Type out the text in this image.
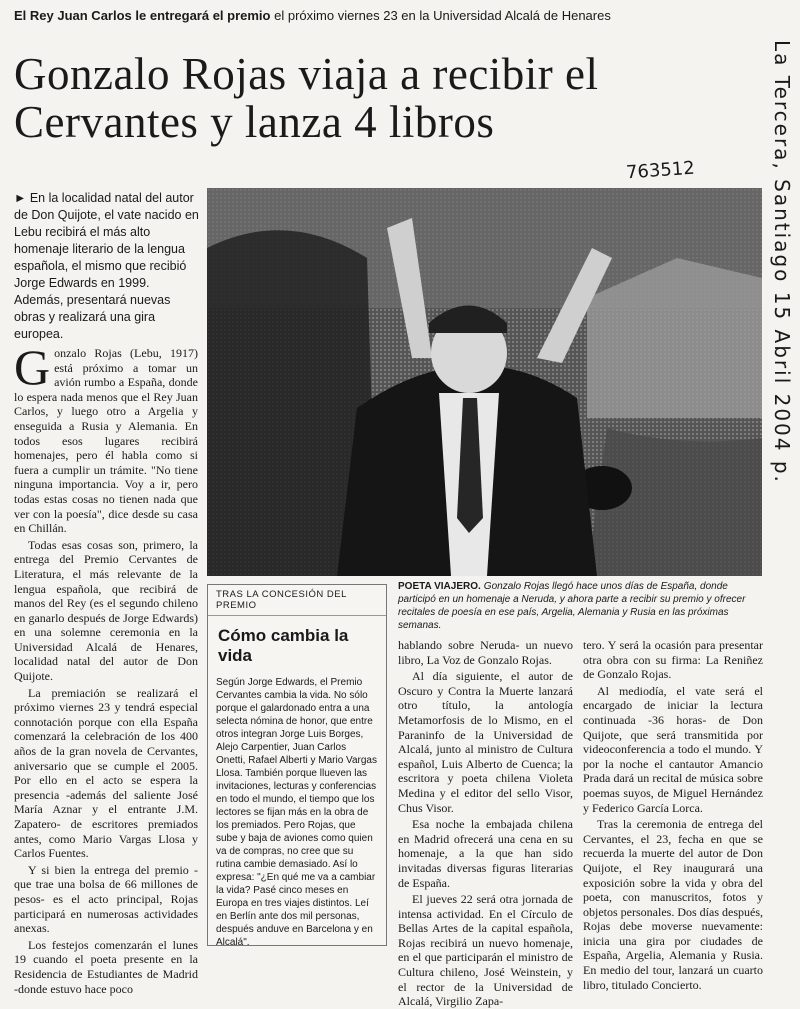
El Rey Juan Carlos le entregará el premio el próximo viernes 23 en la Universidad Alcalá de Henares
Gonzalo Rojas viaja a recibir el Cervantes y lanza 4 libros
763512	La Tercera, Santiago 15 Abril 2004 p.
► En la localidad natal del autor de Don Quijote, el vate nacido en Lebu recibirá el más alto homenaje literario de la lengua española, el mismo que recibió Jorge Edwards en 1999. Además, presentará nuevas obras y realizará una gira europea.
G onzalo Rojas (Lebu, 1917) está próximo a tomar un avión rumbo a España, donde lo espera nada menos que el Rey Juan Carlos, y luego otro a Argelia y enseguida a Rusia y Alemania. En todos esos lugares recibirá homenajes, pero él habla como si fuera a cumplir un trámite. "No tiene ninguna importancia. Voy a ir, pero todas estas cosas no tienen nada que ver con la poesía", dice desde su casa en Chillán.

Todas esas cosas son, primero, la entrega del Premio Cervantes de Literatura, el más relevante de la lengua española, que recibirá de manos del Rey (es el segundo chileno en ganarlo después de Jorge Edwards) en una solemne ceremonia en la Universidad Alcalá de Henares, localidad natal del autor de Don Quijote.

La premiación se realizará el próximo viernes 23 y tendrá especial connotación porque con ella España comenzará la celebración de los 400 años de la gran novela de Cervantes, aniversario que se cumple el 2005. Por ello en el acto se espera la presencia -además del saliente José María Aznar y el entrante J.M. Zapatero- de escritores premiados antes, como Mario Vargas Llosa y Carlos Fuentes.

Y si bien la entrega del premio -que trae una bolsa de 66 millones de pesos- es el acto principal, Rojas participará en numerosas actividades anexas.

Los festejos comenzarán el lunes 19 cuando el poeta presente en la Residencia de Estudiantes de Madrid -donde estuvo hace poco

POETA VIAJERO. Gonzalo Rojas llegó hace unos días de España, donde participó en un homenaje a Neruda, y ahora parte a recibir su premio y ofrecer recitales de poesía en ese país, Argelia, Alemania y Rusia en las próximas semanas.
TRAS LA CONCESIÓN DEL PREMIO
Cómo cambia la vida
Según Jorge Edwards, el Premio Cervantes cambia la vida. No sólo porque el galardonado entra a una selecta nómina de honor, que entre otros integran Jorge Luis Borges, Alejo Carpentier, Juan Carlos Onetti, Rafael Alberti y Mario Vargas Llosa. También porque llueven las invitaciones, lecturas y conferencias en todo el mundo, el tiempo que los lectores se fijan más en la obra de los premiados. Pero Rojas, que sube y baja de aviones como quien va de compras, no cree que su rutina cambie demasiado. Así lo expresa: "¿En qué me va a cambiar la vida? Pasé cinco meses en Europa en tres viajes distintos. Leí en Berlín ante dos mil personas, después anduve en Barcelona y en Alcalá".

hablando sobre Neruda- un nuevo libro, La Voz de Gonzalo Rojas.

Al día siguiente, el autor de Oscuro y Contra la Muerte lanzará otro título, la antología Metamorfosis de lo Mismo, en el Paraninfo de la Universidad de Alcalá, junto al ministro de Cultura español, Luis Alberto de Cuenca; la escritora y poeta chilena Violeta Medina y el editor del sello Visor, Chus Visor.

Esa noche la embajada chilena en Madrid ofrecerá una cena en su homenaje, a la que han sido invitadas diversas figuras literarias de España.

El jueves 22 será otra jornada de intensa actividad. En el Círculo de Bellas Artes de la capital española, Rojas recibirá un nuevo homenaje, en el que participarán el ministro de Cultura chileno, José Weinstein, y el rector de la Universidad de Alcalá, Virgilio Zapa-

tero. Y será la ocasión para presentar otra obra con su firma: La Reniñez de Gonzalo Rojas.

Al mediodía, el vate será el encargado de iniciar la lectura continuada -36 horas- de Don Quijote, que será transmitida por videoconferencia a todo el mundo. Y por la noche el cantautor Amancio Prada dará un recital de música sobre poemas suyos, de Miguel Hernández y Federico García Lorca.

Tras la ceremonia de entrega del Cervantes, el 23, fecha en que se recuerda la muerte del autor de Don Quijote, el Rey inaugurará una exposición sobre la vida y obra del poeta, con manuscritos, fotos y objetos personales. Dos días después, Rojas debe moverse nuevamente: inicia una gira por ciudades de España, Argelia, Alemania y Rusia. En medio del tour, lanzará un cuarto libro, titulado Concierto.
